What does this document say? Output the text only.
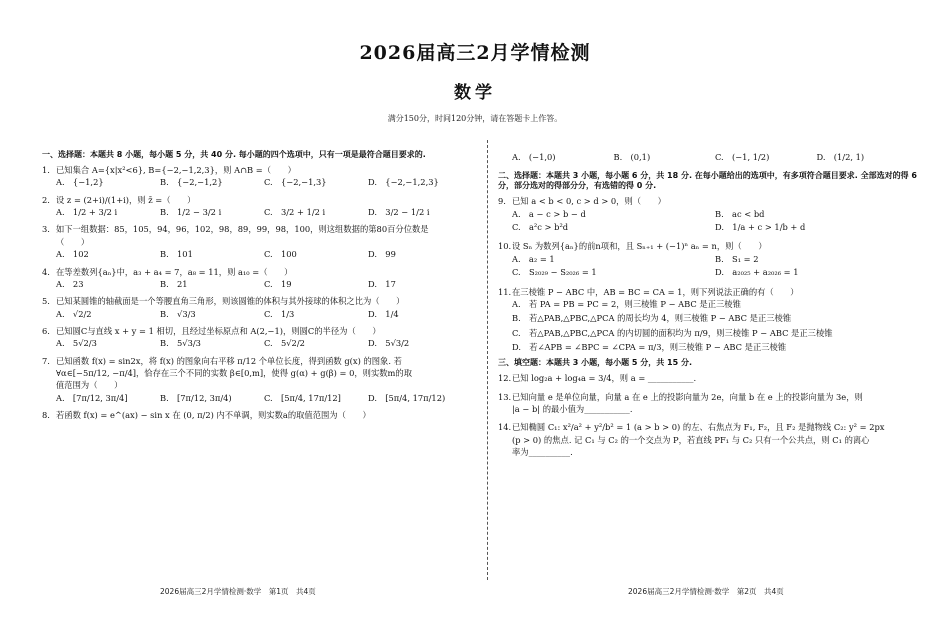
2026届高三2月学情检测
数学
满分150分，时间120分钟，请在答题卡上作答。
一、选择题：本题共 8 小题，每小题 5 分，共 40 分. 每小题的四个选项中，只有一项是最符合题目要求的.
1. 已知集合 A={x|x²<6}, B={−2,−1,2,3}，则 A∩B =（　　）
A.　{−1,2}	B.　{−2,−1,2}	C.　{−2,−1,3}	D.　{−2,−1,2,3}
2. 设 z = (2+i)/(1+i)，则 z̄ =（　　）
A.　1/2 + 3/2 i	B.　1/2 − 3/2 i	C.　3/2 + 1/2 i	D.　3/2 − 1/2 i
3. 如下一组数据：85，105，94，96，102，98，89，99，98，100，则这组数据的第80百分位数是
（　　）
A.　102	B.　101	C.　100	D.　99
4. 在等差数列{aₙ}中，a₃ + a₄ = 7，a₈ = 11，则 a₁₀ =（　　）
A.　23	B.　21	C.　19	D.　17
5. 已知某圆锥的轴截面是一个等腰直角三角形，则该圆锥的体积与其外接球的体积之比为（　　）
A.　√2/2	B.　√3/3	C.　1/3	D.　1/4
6. 已知圆C与直线 x + y = 1 相切，且经过坐标原点和 A(2,−1)，则圆C的半径为（　　）
A.　5√2/3	B.　5√3/3	C.　5√2/2	D.　5√3/2
7. 已知函数 f(x) = sin2x，将 f(x) 的图象向右平移 π/12 个单位长度，得到函数 g(x) 的图象. 若
∀α∈[−5π/12, −π/4]，恰存在三个不同的实数 β∈[0,m]，使得 g(α) + g(β) = 0，则实数m的取
值范围为（　　）
A.　[7π/12, 3π/4]	B.　[7π/12, 3π/4)	C.　[5π/4, 17π/12]	D.　[5π/4, 17π/12)
8. 若函数 f(x) = e^(ax) − sin x 在 (0, π/2) 内不单调，则实数a的取值范围为（　　）
A.　(−1,0)	B.　(0,1)	C.　(−1, 1/2)	D.　(1/2, 1)
二、选择题：本题共 3 小题，每小题 6 分，共 18 分. 在每小题给出的选项中，有多项符合题目要求. 全部选对的得 6 分，部分选对的得部分分，有选错的得 0 分.
9. 已知 a < b < 0, c > d > 0，则（　　）
A.　a − c > b − d	B.　ac < bd
C.　a²c > b²d	D.　1/a + c > 1/b + d
10.设 Sₙ 为数列{aₙ}的前n项和，且 Sₙ₊₁ + (−1)ⁿ aₙ = n，则（　　）
A.　a₂ = 1	B.　S₁ = 2
C.　S₂₀₂₉ − S₂₀₂₆ = 1	D.　a₂₀₂₅ + a₂₀₂₆ = 1
11.在三棱锥 P − ABC 中，AB = BC = CA = 1，则下列说法正确的有（　　）
A.　若 PA = PB = PC = 2，则三棱锥 P − ABC 是正三棱锥
B.　若△PAB,△PBC,△PCA 的周长均为 4，则三棱锥 P − ABC 是正三棱锥
C.　若△PAB,△PBC,△PCA 的内切圆的面积均为 π/9，则三棱锥 P − ABC 是正三棱锥
D.　若∠APB = ∠BPC = ∠CPA = π/3，则三棱锥 P − ABC 是正三棱锥
三、填空题：本题共 3 小题，每小题 5 分，共 15 分.
12.已知 log₂a + log₄a = 3/4，则 a = ___________.
13.已知向量 e 是单位向量，向量 a 在 e 上的投影向量为 2e，向量 b 在 e 上的投影向量为 3e，则
|a − b| 的最小值为___________.
14.已知椭圆 C₁: x²/a² + y²/b² = 1 (a > b > 0) 的左、右焦点为 F₁, F₂，且 F₂ 是抛物线 C₂: y² = 2px
(p > 0) 的焦点. 记 C₁ 与 C₂ 的一个交点为 P，若直线 PF₁ 与 C₂ 只有一个公共点，则 C₁ 的离心
率为__________.
2026届高三2月学情检测·数学　第1页　共4页	2026届高三2月学情检测·数学　第2页　共4页
